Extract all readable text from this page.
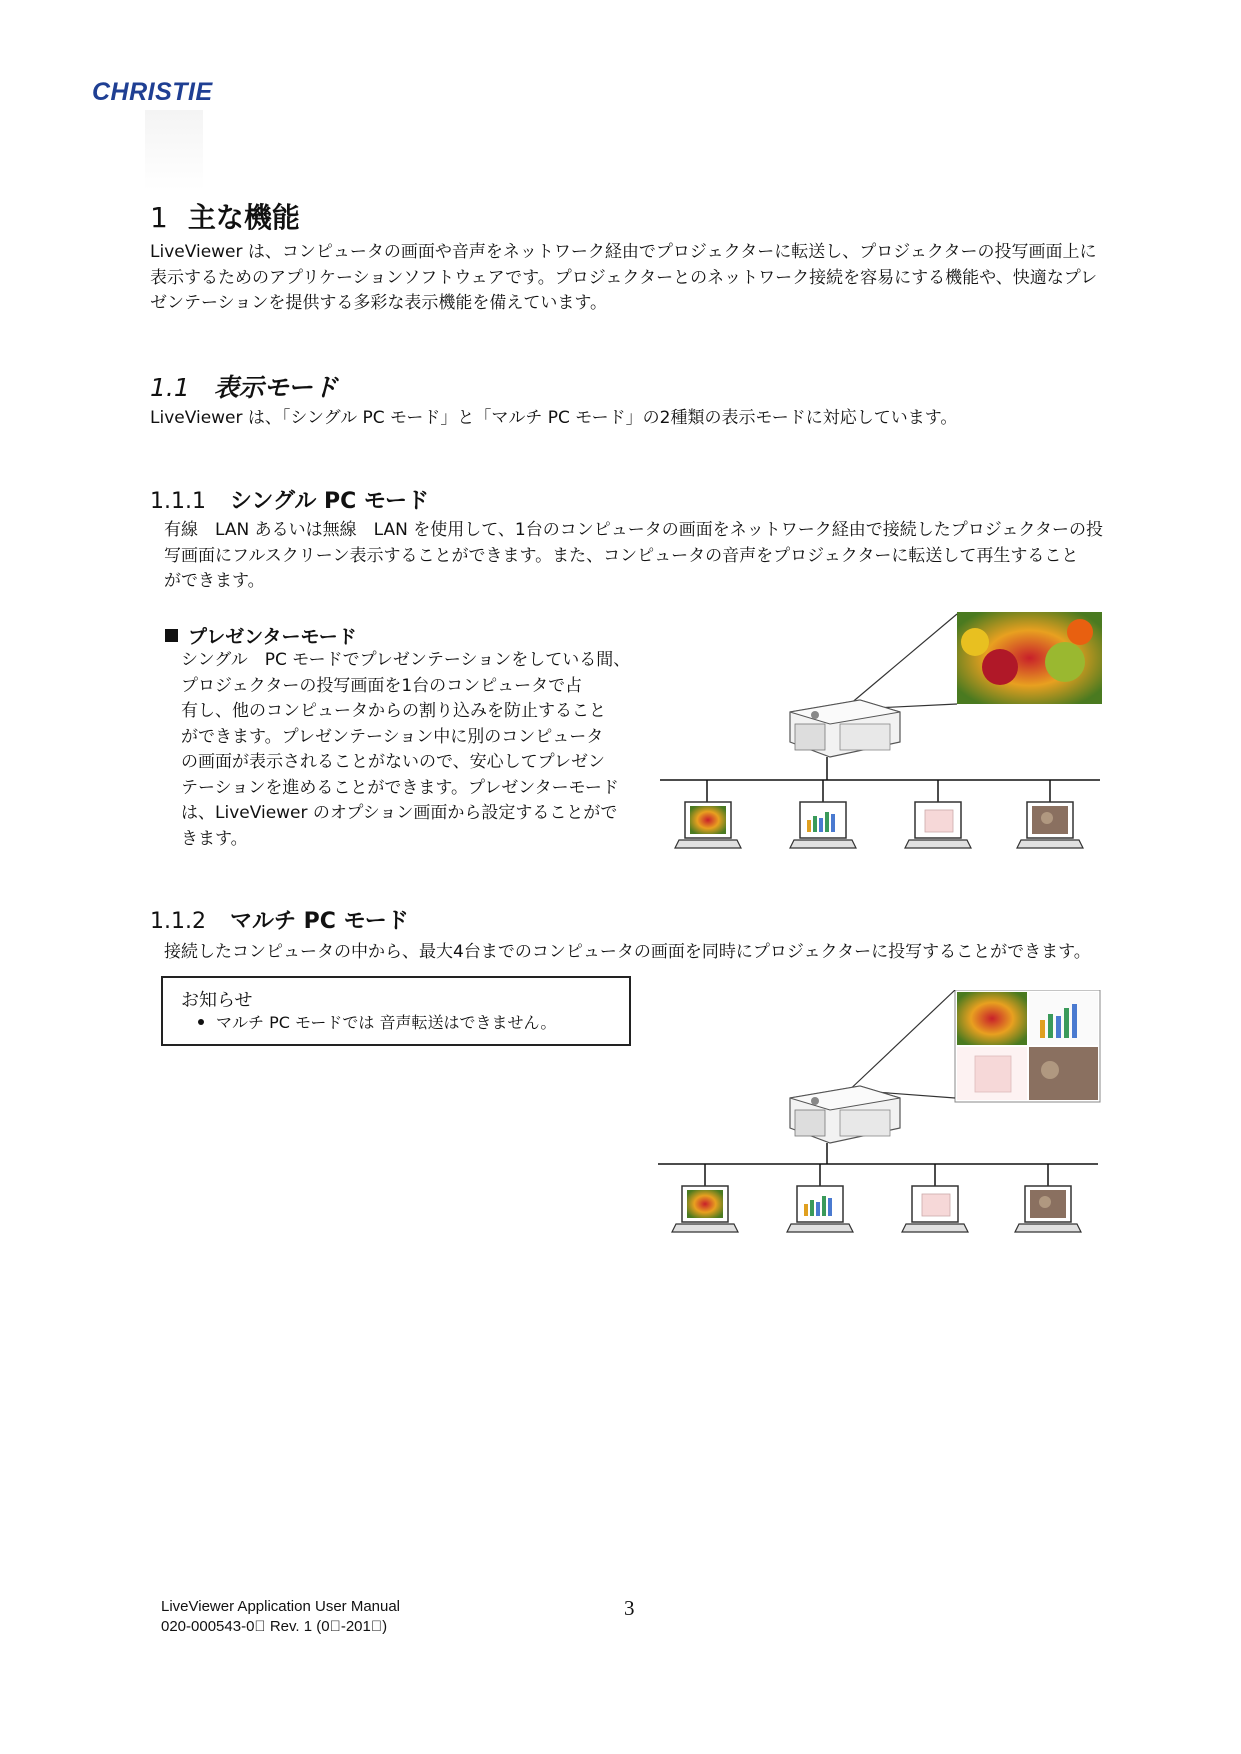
CHRISTIE
1 主な機能
LiveViewer は、コンピュータの画面や音声をネットワーク経由でプロジェクターに転送し、プロジェクターの投写画面上に
表示するためのアプリケーションソフトウェアです。プロジェクターとのネットワーク接続を容易にする機能や、快適なプレ
ゼンテーションを提供する多彩な表示機能を備えています。
1.1 表示モード
LiveViewer は、「シングル PC モード」と「マルチ PC モード」の2種類の表示モードに対応しています。
1.1.1 シングル PC モード
有線　LAN あるいは無線　LAN を使用して、1台のコンピュータの画面をネットワーク経由で接続したプロジェクターの投
写画面にフルスクリーン表示することができます。また、コンピュータの音声をプロジェクターに転送して再生すること
ができます。
プレゼンターモード
シングル　PC モードでプレゼンテーションをしている間、
プロジェクターの投写画面を1台のコンピュータで占
有し、他のコンピュータからの割り込みを防止すること
ができます。プレゼンテーション中に別のコンピュータ
の画面が表示されることがないので、安心してプレゼン
テーションを進めることができます。プレゼンターモード
は、LiveViewer のオプション画面から設定することがで
きます。
1.1.2 マルチ PC モード
接続したコンピュータの中から、最大4台までのコンピュータの画面を同時にプロジェクターに投写することができます。
お知らせ
マルチ PC モードでは 音声転送はできません。
LiveViewer Application User Manual
020-000543-0  Rev. 1 (0 -201 )
3
